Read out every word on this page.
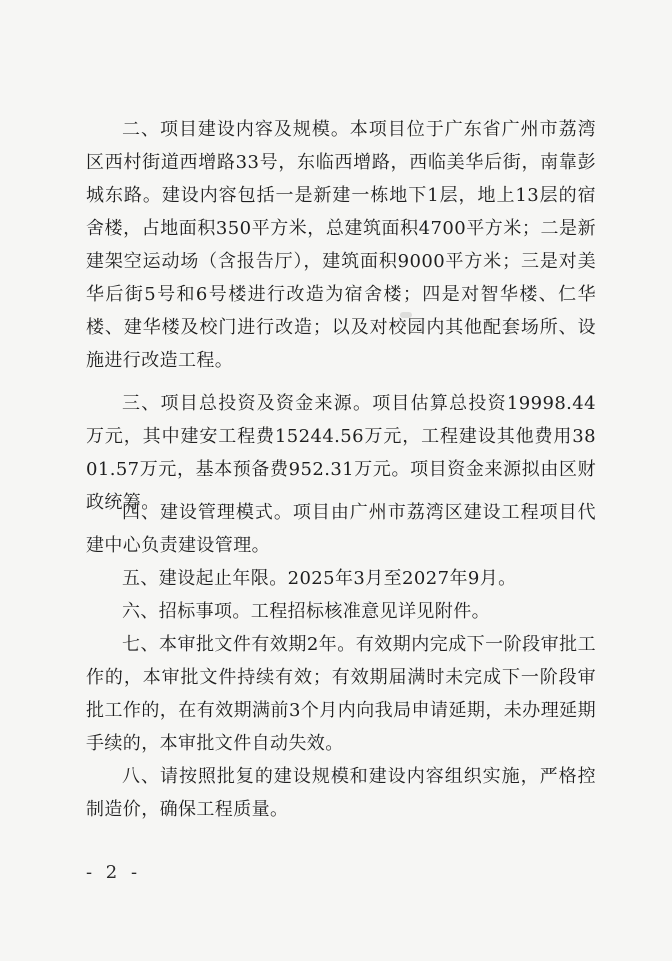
二、项目建设内容及规模。本项目位于广东省广州市荔湾区西村街道西增路33号，东临西增路，西临美华后街，南靠彭城东路。建设内容包括一是新建一栋地下1层，地上13层的宿舍楼，占地面积350平方米，总建筑面积4700平方米；二是新建架空运动场（含报告厅），建筑面积9000平方米；三是对美华后街5号和6号楼进行改造为宿舍楼；四是对智华楼、仁华楼、建华楼及校门进行改造；以及对校园内其他配套场所、设施进行改造工程。

三、项目总投资及资金来源。项目估算总投资19998.44万元，其中建安工程费15244.56万元，工程建设其他费用3801.57万元，基本预备费952.31万元。项目资金来源拟由区财政统筹。

四、建设管理模式。项目由广州市荔湾区建设工程项目代建中心负责建设管理。

五、建设起止年限。2025年3月至2027年9月。

六、招标事项。工程招标核准意见详见附件。

七、本审批文件有效期2年。有效期内完成下一阶段审批工作的，本审批文件持续有效；有效期届满时未完成下一阶段审批工作的，在有效期满前3个月内向我局申请延期，未办理延期手续的，本审批文件自动失效。

八、请按照批复的建设规模和建设内容组织实施，严格控制造价，确保工程质量。

- 2 -
